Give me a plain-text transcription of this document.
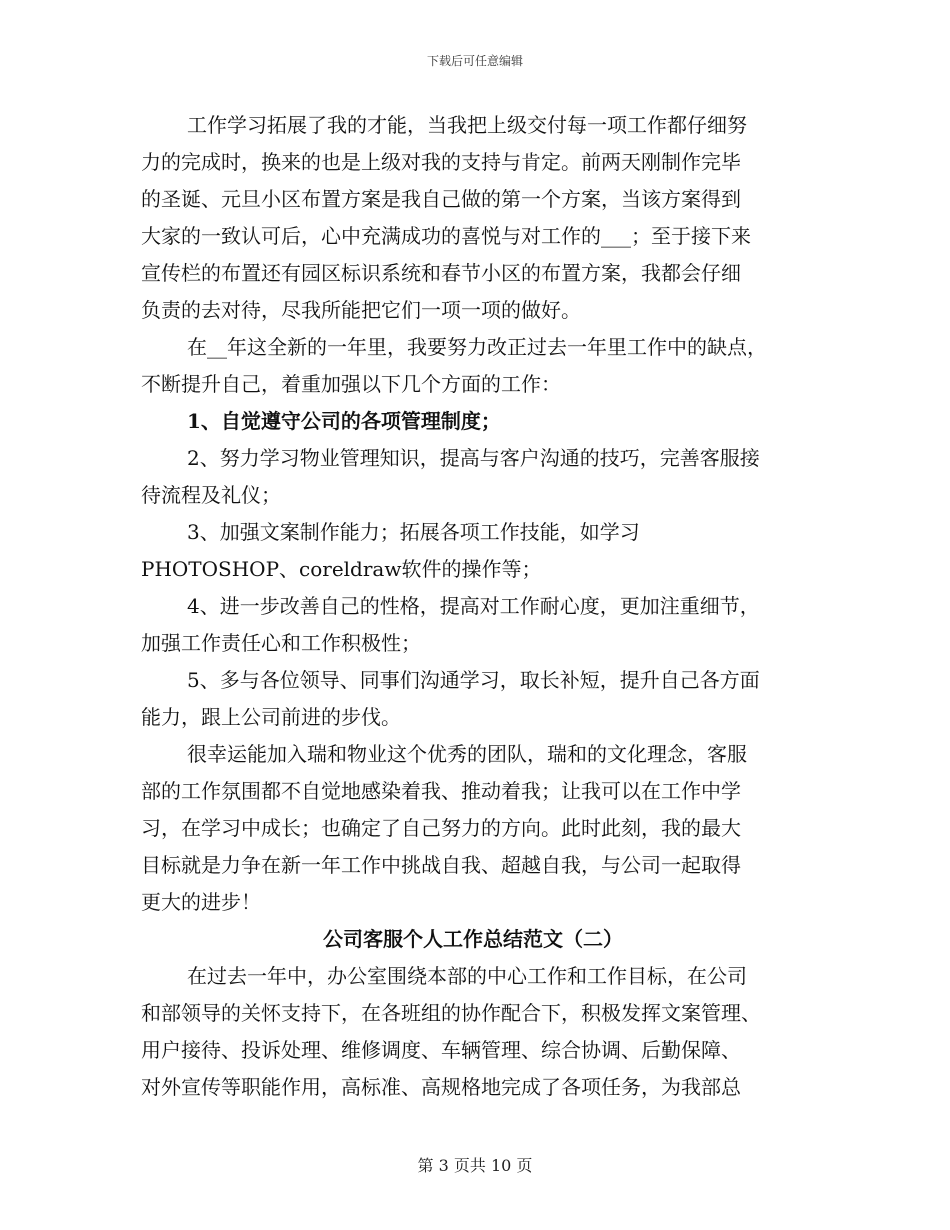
下载后可任意编辑
工作学习拓展了我的才能，当我把上级交付每一项工作都仔细努
力的完成时，换来的也是上级对我的支持与肯定。前两天刚制作完毕
的圣诞、元旦小区布置方案是我自己做的第一个方案，当该方案得到
大家的一致认可后，心中充满成功的喜悦与对工作的___；至于接下来
宣传栏的布置还有园区标识系统和春节小区的布置方案，我都会仔细
负责的去对待，尽我所能把它们一项一项的做好。
在__年这全新的一年里，我要努力改正过去一年里工作中的缺点，
不断提升自己，着重加强以下几个方面的工作：
1、自觉遵守公司的各项管理制度；
2、努力学习物业管理知识，提高与客户沟通的技巧，完善客服接
待流程及礼仪；
3、加强文案制作能力；拓展各项工作技能，如学习
PHOTOSHOP、coreldraw软件的操作等；
4、进一步改善自己的性格，提高对工作耐心度，更加注重细节，
加强工作责任心和工作积极性；
5、多与各位领导、同事们沟通学习，取长补短，提升自己各方面
能力，跟上公司前进的步伐。
很幸运能加入瑞和物业这个优秀的团队，瑞和的文化理念，客服
部的工作氛围都不自觉地感染着我、推动着我；让我可以在工作中学
习，在学习中成长；也确定了自己努力的方向。此时此刻，我的最大
目标就是力争在新一年工作中挑战自我、超越自我，与公司一起取得
更大的进步！
公司客服个人工作总结范文（二）
在过去一年中，办公室围绕本部的中心工作和工作目标，在公司
和部领导的关怀支持下，在各班组的协作配合下，积极发挥文案管理、
用户接待、投诉处理、维修调度、车辆管理、综合协调、后勤保障、
对外宣传等职能作用，高标准、高规格地完成了各项任务，为我部总
第 3 页共 10 页
